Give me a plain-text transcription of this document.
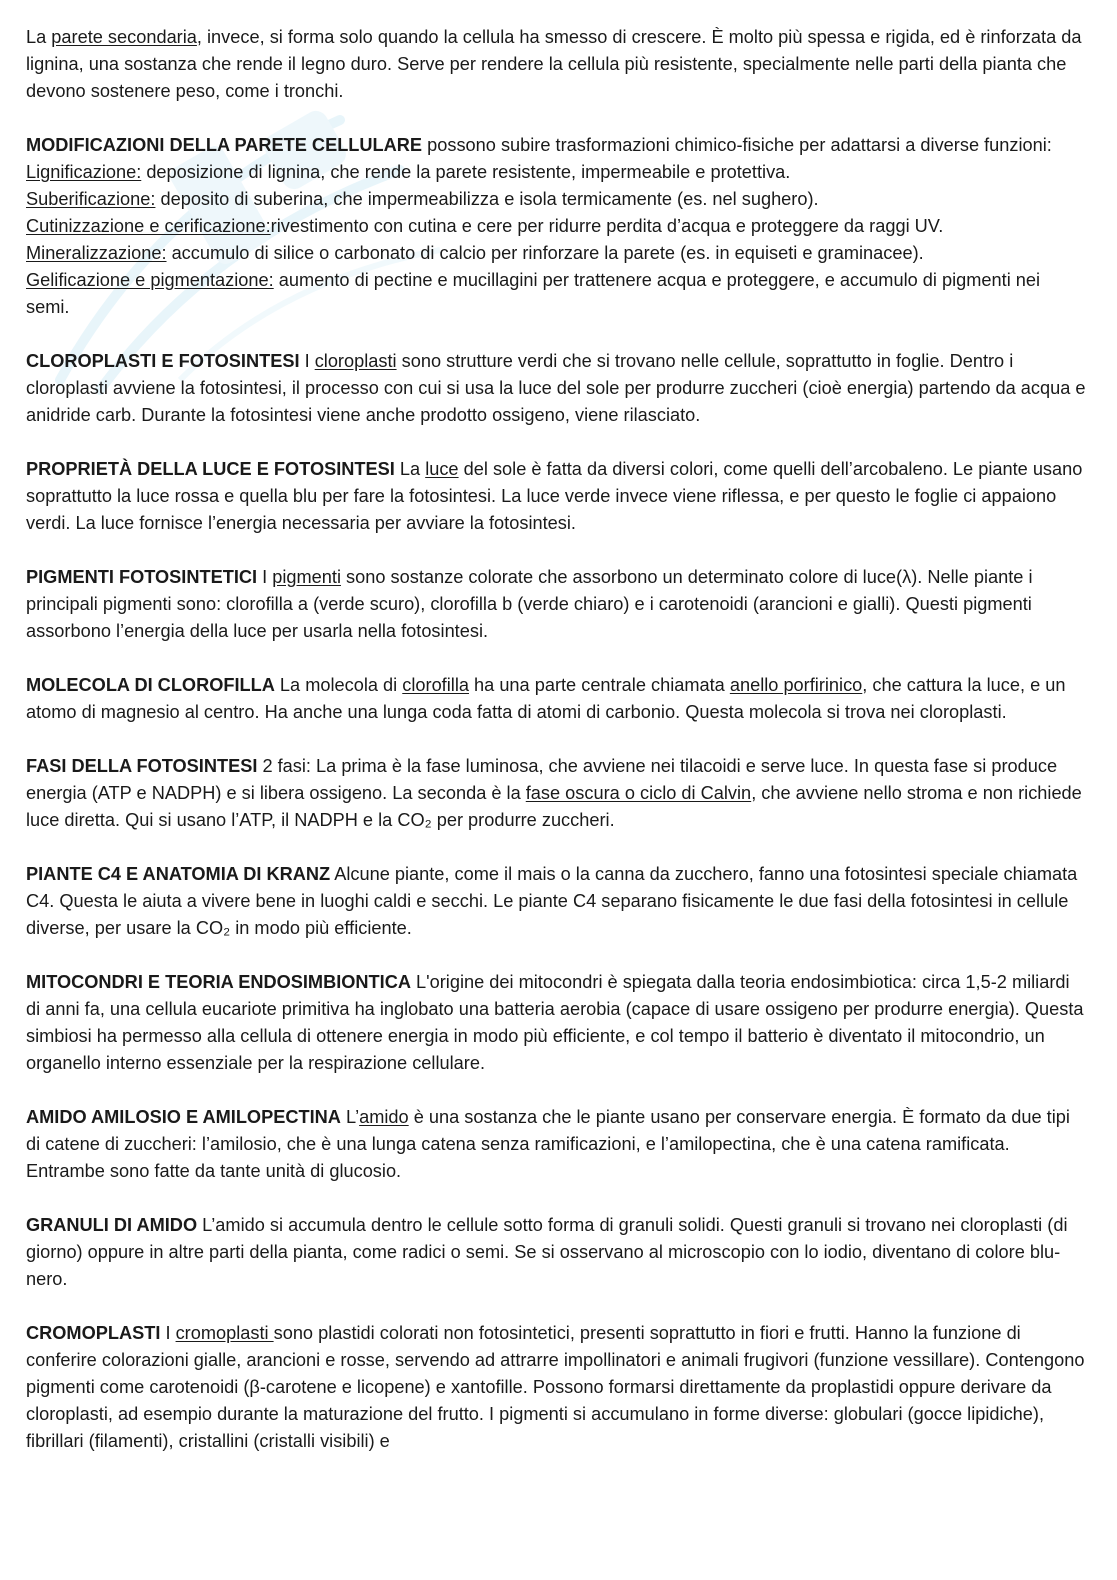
La parete secondaria, invece, si forma solo quando la cellula ha smesso di crescere. È molto più spessa e rigida, ed è rinforzata da lignina, una sostanza che rende il legno duro. Serve per rendere la cellula più resistente, specialmente nelle parti della pianta che devono sostenere peso, come i tronchi.

MODIFICAZIONI DELLA PARETE CELLULARE possono subire trasformazioni chimico-fisiche per adattarsi a diverse funzioni:
Lignificazione: deposizione di lignina, che rende la parete resistente, impermeabile e protettiva.
Suberificazione: deposito di suberina, che impermeabilizza e isola termicamente (es. nel sughero).
Cutinizzazione e cerificazione:rivestimento con cutina e cere per ridurre perdita d’acqua e proteggere da raggi UV.
Mineralizzazione: accumulo di silice o carbonato di calcio per rinforzare la parete (es. in equiseti e graminacee).
Gelificazione e pigmentazione: aumento di pectine e mucillagini per trattenere acqua e proteggere, e accumulo di pigmenti nei semi.

CLOROPLASTI E FOTOSINTESI I cloroplasti sono strutture verdi che si trovano nelle cellule, soprattutto in foglie. Dentro i cloroplasti avviene la fotosintesi, il processo con cui si usa la luce del sole per produrre zuccheri (cioè energia) partendo da acqua e anidride carb. Durante la fotosintesi viene anche prodotto ossigeno, viene rilasciato.

PROPRIETÀ DELLA LUCE E FOTOSINTESI La luce del sole è fatta da diversi colori, come quelli dell’arcobaleno. Le piante usano soprattutto la luce rossa e quella blu per fare la fotosintesi. La luce verde invece viene riflessa, e per questo le foglie ci appaiono verdi. La luce fornisce l’energia necessaria per avviare la fotosintesi.

PIGMENTI FOTOSINTETICI I pigmenti sono sostanze colorate che assorbono un determinato colore di luce(λ). Nelle piante i principali pigmenti sono: clorofilla a (verde scuro), clorofilla b (verde chiaro) e i carotenoidi (arancioni e gialli). Questi pigmenti assorbono l’energia della luce per usarla nella fotosintesi.

MOLECOLA DI CLOROFILLA La molecola di clorofilla ha una parte centrale chiamata anello porfirinico, che cattura la luce, e un atomo di magnesio al centro. Ha anche una lunga coda fatta di atomi di carbonio. Questa molecola si trova nei cloroplasti.

FASI DELLA FOTOSINTESI 2 fasi: La prima è la fase luminosa, che avviene nei tilacoidi e serve luce. In questa fase si produce energia (ATP e NADPH) e si libera ossigeno. La seconda è la fase oscura o ciclo di Calvin, che avviene nello stroma e non richiede luce diretta. Qui si usano l’ATP, il NADPH e la CO₂ per produrre zuccheri.

PIANTE C4 E ANATOMIA DI KRANZ Alcune piante, come il mais o la canna da zucchero, fanno una fotosintesi speciale chiamata C4. Questa le aiuta a vivere bene in luoghi caldi e secchi. Le piante C4 separano fisicamente le due fasi della fotosintesi in cellule diverse, per usare la CO₂ in modo più efficiente.

MITOCONDRI E TEORIA ENDOSIMBIONTICA L'origine dei mitocondri è spiegata dalla teoria endosimbiotica: circa 1,5-2 miliardi di anni fa, una cellula eucariote primitiva ha inglobato una batteria aerobia (capace di usare ossigeno per produrre energia). Questa simbiosi ha permesso alla cellula di ottenere energia in modo più efficiente, e col tempo il batterio è diventato il mitocondrio, un organello interno essenziale per la respirazione cellulare.

AMIDO AMILOSIO E AMILOPECTINA L’amido è una sostanza che le piante usano per conservare energia. È formato da due tipi di catene di zuccheri: l’amilosio, che è una lunga catena senza ramificazioni, e l’amilopectina, che è una catena ramificata. Entrambe sono fatte da tante unità di glucosio.

GRANULI DI AMIDO L’amido si accumula dentro le cellule sotto forma di granuli solidi. Questi granuli si trovano nei cloroplasti (di giorno) oppure in altre parti della pianta, come radici o semi. Se si osservano al microscopio con lo iodio, diventano di colore blu-nero.

CROMOPLASTI I cromoplasti sono plastidi colorati non fotosintetici, presenti soprattutto in fiori e frutti. Hanno la funzione di conferire colorazioni gialle, arancioni e rosse, servendo ad attrarre impollinatori e animali frugivori (funzione vessillare). Contengono pigmenti come carotenoidi (β-carotene e licopene) e xantofille. Possono formarsi direttamente da proplastidi oppure derivare da cloroplasti, ad esempio durante la maturazione del frutto. I pigmenti si accumulano in forme diverse: globulari (gocce lipidiche), fibrillari (filamenti), cristallini (cristalli visibili) e
